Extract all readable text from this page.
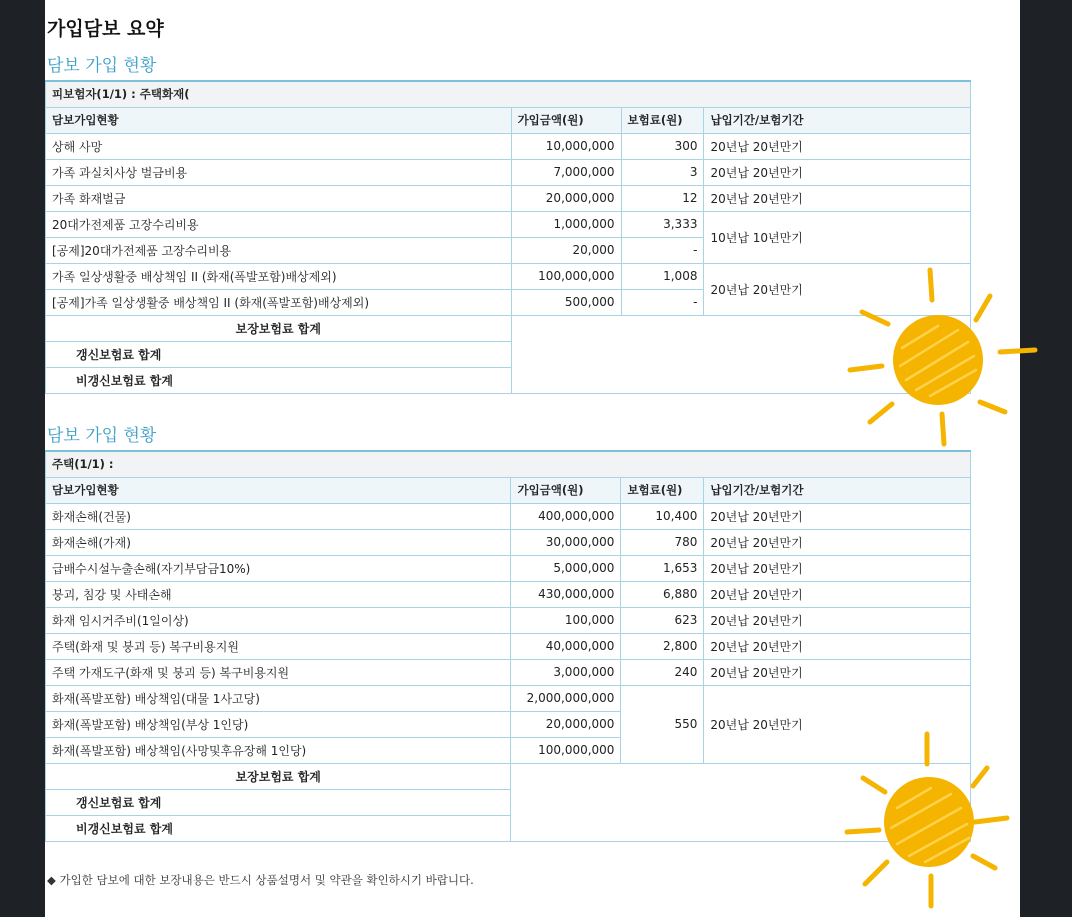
가입담보 요약
담보 가입 현황
피보험자(1/1) : 주택화재(			
담보가입현황	가입금액(원)	보험료(원)	납입기간/보험기간
상해 사망	10,000,000	300	20년납 20년만기
가족 과실치사상 벌금비용	7,000,000	3	20년납 20년만기
가족 화재벌금	20,000,000	12	20년납 20년만기
20대가전제품 고장수리비용	1,000,000	3,333	10년납 10년만기
[공제]20대가전제품 고장수리비용	20,000	-	
가족 일상생활중 배상책임 II (화재(폭발포함)배상제외)	100,000,000	1,008	20년납 20년만기
[공제]가족 일상생활중 배상책임 II (화재(폭발포함)배상제외)	500,000	-	
보장보험료 합계			
갱신보험료 합계			
비갱신보험료 합계			
담보 가입 현황
주택(1/1) :			
담보가입현황	가입금액(원)	보험료(원)	납입기간/보험기간
화재손해(건물)	400,000,000	10,400	20년납 20년만기
화재손해(가재)	30,000,000	780	20년납 20년만기
급배수시설누출손해(자기부담금10%)	5,000,000	1,653	20년납 20년만기
붕괴, 침강 및 사태손해	430,000,000	6,880	20년납 20년만기
화재 임시거주비(1일이상)	100,000	623	20년납 20년만기
주택(화재 및 붕괴 등) 복구비용지원	40,000,000	2,800	20년납 20년만기
주택 가재도구(화재 및 붕괴 등) 복구비용지원	3,000,000	240	20년납 20년만기
화재(폭발포함) 배상책임(대물 1사고당)	2,000,000,000	550	20년납 20년만기
화재(폭발포함) 배상책임(부상 1인당)	20,000,000		
화재(폭발포함) 배상책임(사망및후유장해 1인당)	100,000,000		
보장보험료 합계			
갱신보험료 합계			
비갱신보험료 합계			
◆ 가입한 담보에 대한 보장내용은 반드시 상품설명서 및 약관을 확인하시기 바랍니다.
